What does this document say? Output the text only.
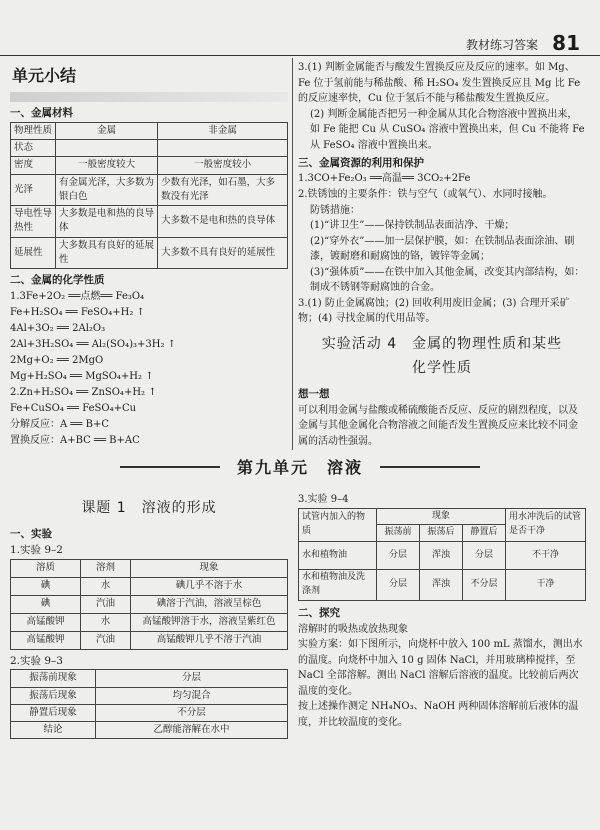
教材练习答案 81
单元小结
一、金属材料
物理性质	金属	非金属
状态		
密度	一般密度较大	一般密度较小
光泽	有金属光泽，大多数为银白色	少数有光泽，如石墨，大多数没有光泽
导电性导热性	大多数是电和热的良导体	大多数不是电和热的良导体
延展性	大多数具有良好的延展性	大多数不具有良好的延展性
二、金属的化学性质
1.3Fe+2O₂ ══点燃══ Fe₃O₄
Fe+H₂SO₄ ══ FeSO₄+H₂ ↑
4Al+3O₂ ══ 2Al₂O₃
2Al+3H₂SO₄ ══ Al₂(SO₄)₃+3H₂ ↑
2Mg+O₂ ══ 2MgO
Mg+H₂SO₄ ══ MgSO₄+H₂ ↑
2.Zn+H₂SO₄ ══ ZnSO₄+H₂ ↑
Fe+CuSO₄ ══ FeSO₄+Cu
分解反应：A ══ B+C
置换反应：A+BC ══ B+AC

3.(1) 判断金属能否与酸发生置换反应及反应的速率。如 Mg、Fe 位于氢前能与稀盐酸、稀 H₂SO₄ 发生置换反应且 Mg 比 Fe 的反应速率快，Cu 位于氢后不能与稀盐酸发生置换反应。

(2) 判断金属能否把另一种金属从其化合物溶液中置换出来，如 Fe 能把 Cu 从 CuSO₄ 溶液中置换出来，但 Cu 不能将 Fe 从 FeSO₄ 溶液中置换出来。

三、金属资源的利用和保护

1.3CO+Fe₂O₃ ══高温══ 3CO₂+2Fe

2.铁锈蚀的主要条件：铁与空气（或氧气）、水同时接触。

防锈措施：

(1)“讲卫生”——保持铁制品表面洁净、干燥；

(2)“穿外衣”——加一层保护膜，如：在铁制品表面涂油、刷漆，镀耐磨和耐腐蚀的铬，镀锌等金属；

(3)“强体质”——在铁中加入其他金属，改变其内部结构，如：制成不锈钢等耐腐蚀的合金。

3.(1) 防止金属腐蚀；(2) 回收利用废旧金属；(3) 合理开采矿物；(4) 寻找金属的代用品等。

实验活动 4　金属的物理性质和某些
化学性质
想一想

可以利用金属与盐酸或稀硫酸能否反应、反应的剧烈程度，以及金属与其他金属化合物溶液之间能否发生置换反应来比较不同金属的活动性强弱。

第九单元　溶液
课题 1　溶液的形成
一、实验
1.实验 9–2
溶质	溶剂	现象
碘	水	碘几乎不溶于水
碘	汽油	碘溶于汽油，溶液呈棕色
高锰酸钾	水	高锰酸钾溶于水，溶液呈紫红色
高锰酸钾	汽油	高锰酸钾几乎不溶于汽油
2.实验 9–3
振荡前现象	分层
振荡后现象	均匀混合
静置后现象	不分层
结论	乙醇能溶解在水中
3.实验 9–4
试管内加入的物质	现象			用水冲洗后的试管是否干净
	振荡前	振荡后	静置后	
水和植物油	分层	浑浊	分层	不干净
水和植物油及洗涤剂	分层	浑浊	不分层	干净
二、探究

溶解时的吸热或放热现象

实验方案：如下图所示，向烧杯中放入 100 mL 蒸馏水，测出水的温度。向烧杯中加入 10 g 固体 NaCl，并用玻璃棒搅拌，至 NaCl 全部溶解。测出 NaCl 溶解后溶液的温度。比较前后两次温度的变化。

按上述操作测定 NH₄NO₃、NaOH 两种固体溶解前后液体的温度，并比较温度的变化。
